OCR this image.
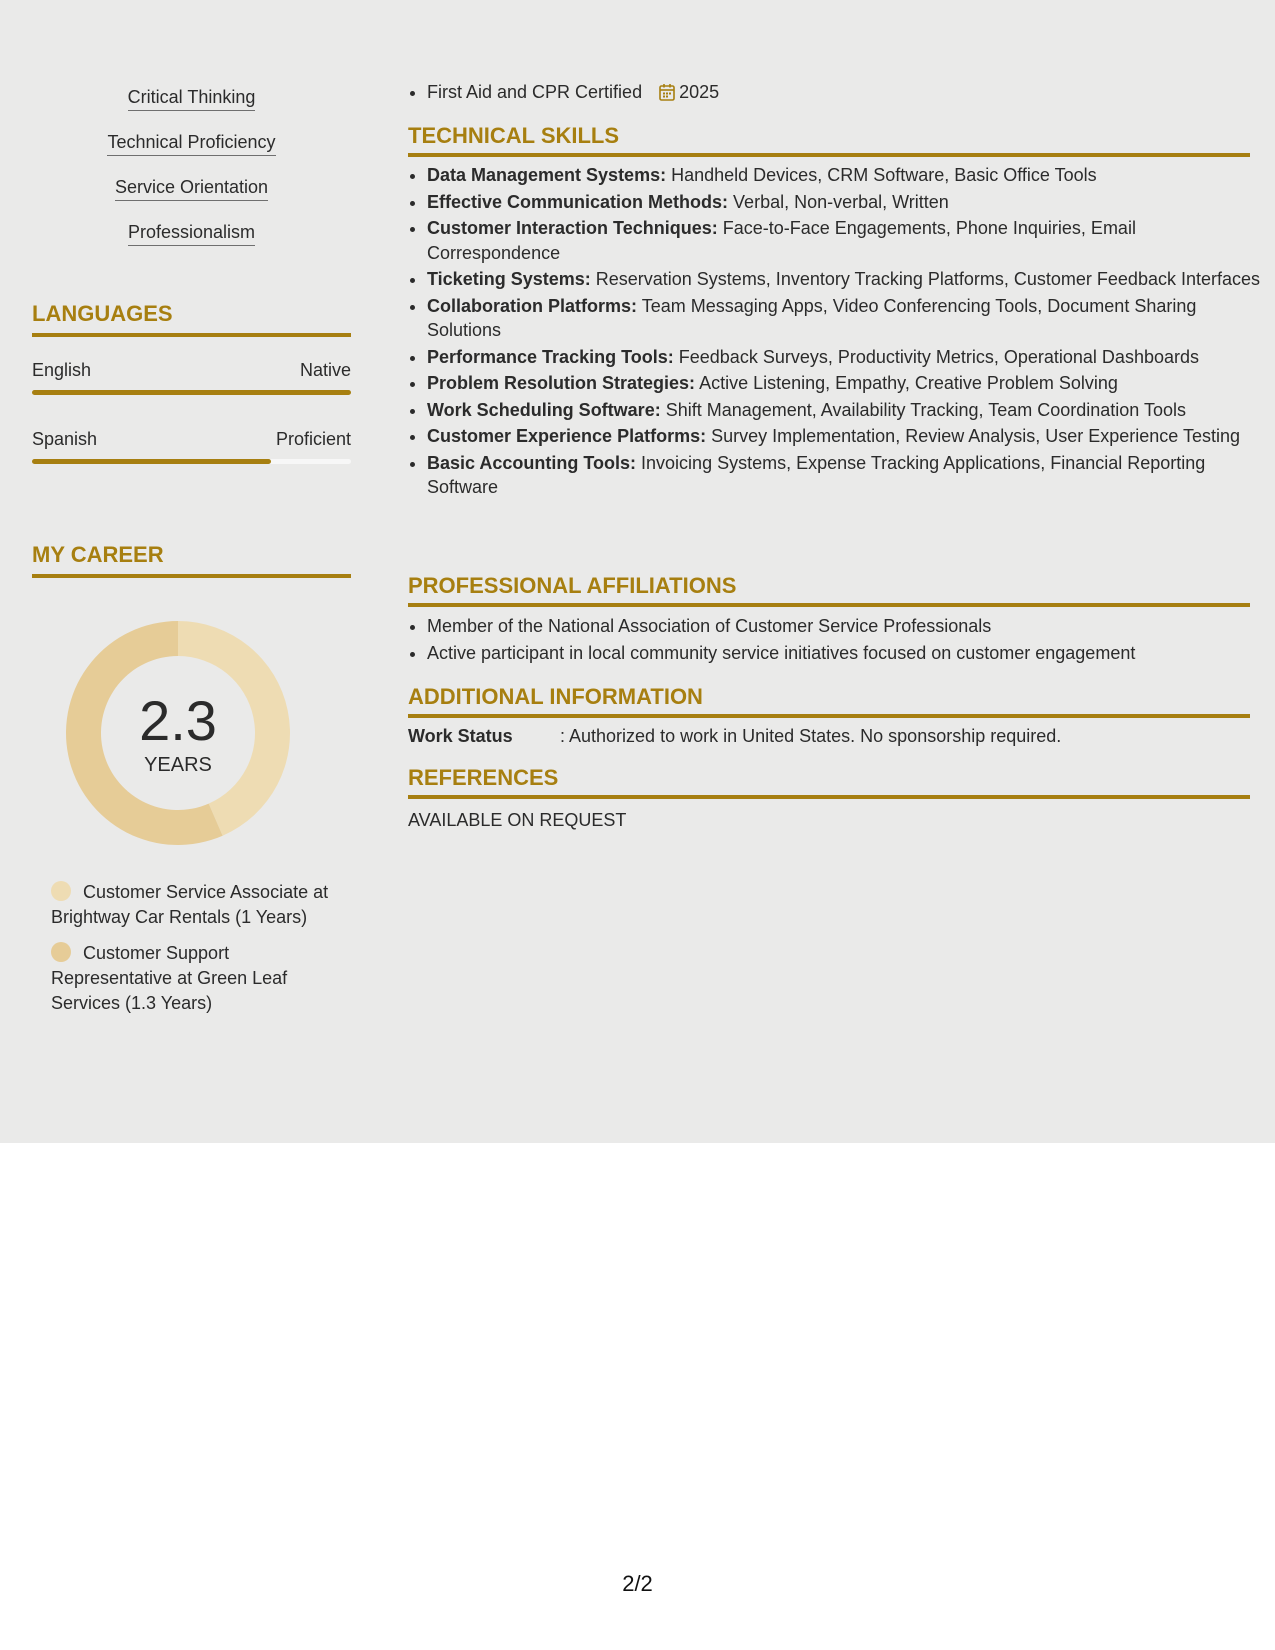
Critical Thinking
Technical Proficiency
Service Orientation
Professionalism
LANGUAGES
English	Native
Spanish	Proficient
MY CAREER
2.3
YEARS
Customer Service Associate at Brightway Car Rentals (1 Years)
Customer Support Representative at Green Leaf Services (1.3 Years)
• First Aid and CPR Certified 2025
TECHNICAL SKILLS
• Data Management Systems: Handheld Devices, CRM Software, Basic Office Tools
• Effective Communication Methods: Verbal, Non-verbal, Written
• Customer Interaction Techniques: Face-to-Face Engagements, Phone Inquiries, Email Correspondence
• Ticketing Systems: Reservation Systems, Inventory Tracking Platforms, Customer Feedback Interfaces
• Collaboration Platforms: Team Messaging Apps, Video Conferencing Tools, Document Sharing Solutions
• Performance Tracking Tools: Feedback Surveys, Productivity Metrics, Operational Dashboards
• Problem Resolution Strategies: Active Listening, Empathy, Creative Problem Solving
• Work Scheduling Software: Shift Management, Availability Tracking, Team Coordination Tools
• Customer Experience Platforms: Survey Implementation, Review Analysis, User Experience Testing
• Basic Accounting Tools: Invoicing Systems, Expense Tracking Applications, Financial Reporting Software
PROFESSIONAL AFFILIATIONS
• Member of the National Association of Customer Service Professionals
• Active participant in local community service initiatives focused on customer engagement
ADDITIONAL INFORMATION
Work Status	: Authorized to work in United States. No sponsorship required.
REFERENCES
AVAILABLE ON REQUEST
2/2
